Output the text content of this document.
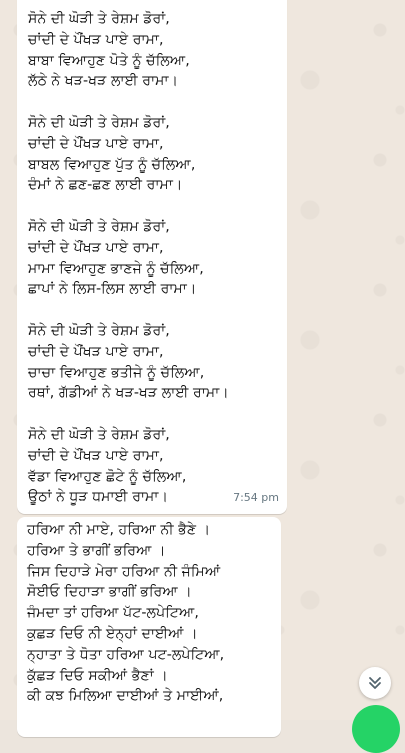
ਸੋਨੇ ਦੀ ਘੋੜੀ ਤੇ ਰੇਸ਼ਮ ਡੋਰਾਂ,
ਚਾਂਦੀ ਦੇ ਪੌਂਖੜ ਪਾਏ ਰਾਮਾ,
ਬਾਬਾ ਵਿਆਹੁਣ ਪੋਤੇ ਨੂੰ ਚੱਲਿਆ,
ਲੱਠੇ ਨੇ ਖੜ-ਖੜ ਲਾਈ ਰਾਮਾ।
ਸੋਨੇ ਦੀ ਘੋੜੀ ਤੇ ਰੇਸ਼ਮ ਡੋਰਾਂ,
ਚਾਂਦੀ ਦੇ ਪੌਂਖੜ ਪਾਏ ਰਾਮਾ,
ਬਾਬਲ ਵਿਆਹੁਣ ਪੁੱਤ ਨੂੰ ਚੱਲਿਆ,
ਦੰਮਾਂ ਨੇ ਛਣ-ਛਣ ਲਾਈ ਰਾਮਾ।
ਸੋਨੇ ਦੀ ਘੋੜੀ ਤੇ ਰੇਸ਼ਮ ਡੋਰਾਂ,
ਚਾਂਦੀ ਦੇ ਪੌਂਖੜ ਪਾਏ ਰਾਮਾ,
ਮਾਮਾ ਵਿਆਹੁਣ ਭਾਣਜੇ ਨੂੰ ਚੱਲਿਆ,
ਛਾਪਾਂ ਨੇ ਲਿਸ-ਲਿਸ ਲਾਈ ਰਾਮਾ।
ਸੋਨੇ ਦੀ ਘੋੜੀ ਤੇ ਰੇਸ਼ਮ ਡੋਰਾਂ,
ਚਾਂਦੀ ਦੇ ਪੌਂਖੜ ਪਾਏ ਰਾਮਾ,
ਚਾਚਾ ਵਿਆਹੁਣ ਭਤੀਜੇ ਨੂੰ ਚੱਲਿਆ,
ਰਥਾਂ, ਗੱਡੀਆਂ ਨੇ ਖੜ-ਖੜ ਲਾਈ ਰਾਮਾ।
ਸੋਨੇ ਦੀ ਘੋੜੀ ਤੇ ਰੇਸ਼ਮ ਡੋਰਾਂ,
ਚਾਂਦੀ ਦੇ ਪੌਂਖੜ ਪਾਏ ਰਾਮਾ,
ਵੱਡਾ ਵਿਆਹੁਣ ਛੋਟੇ ਨੂੰ ਚੱਲਿਆ,
ਊਠਾਂ ਨੇ ਧੂੜ ਧਮਾਈ ਰਾਮਾ।	7:54 pm
ਹਰਿਆ ਨੀ ਮਾਏ, ਹਰਿਆ ਨੀ ਭੈਣੇ ।
ਹਰਿਆ ਤੇ ਭਾਗੀਂ ਭਰਿਆ ।
ਜਿਸ ਦਿਹਾੜੇ ਮੇਰਾ ਹਰਿਆ ਨੀ ਜੰਮਿਆਂ
ਸੋਈਓ ਦਿਹਾੜਾ ਭਾਗੀਂ ਭਰਿਆ ।
ਜੰਮਦਾ ਤਾਂ ਹਰਿਆ ਪੱਟ-ਲਪੇਟਿਆ,
ਕੁਛੜ ਦਿਓ ਨੀ ਏਨ੍ਹਾਂ ਦਾਈਆਂ ।
ਨ੍ਹਾਤਾ ਤੇ ਧੋਤਾ ਹਰਿਆ ਪਟ-ਲਪੇਟਿਆ,
ਕੁੱਛੜ ਦਿਓ ਸਕੀਆਂ ਭੈਣਾਂ ।
ਕੀ ਕਝ ਮਿਲਿਆ ਦਾਈਆਂ ਤੇ ਮਾਈਆਂ,
